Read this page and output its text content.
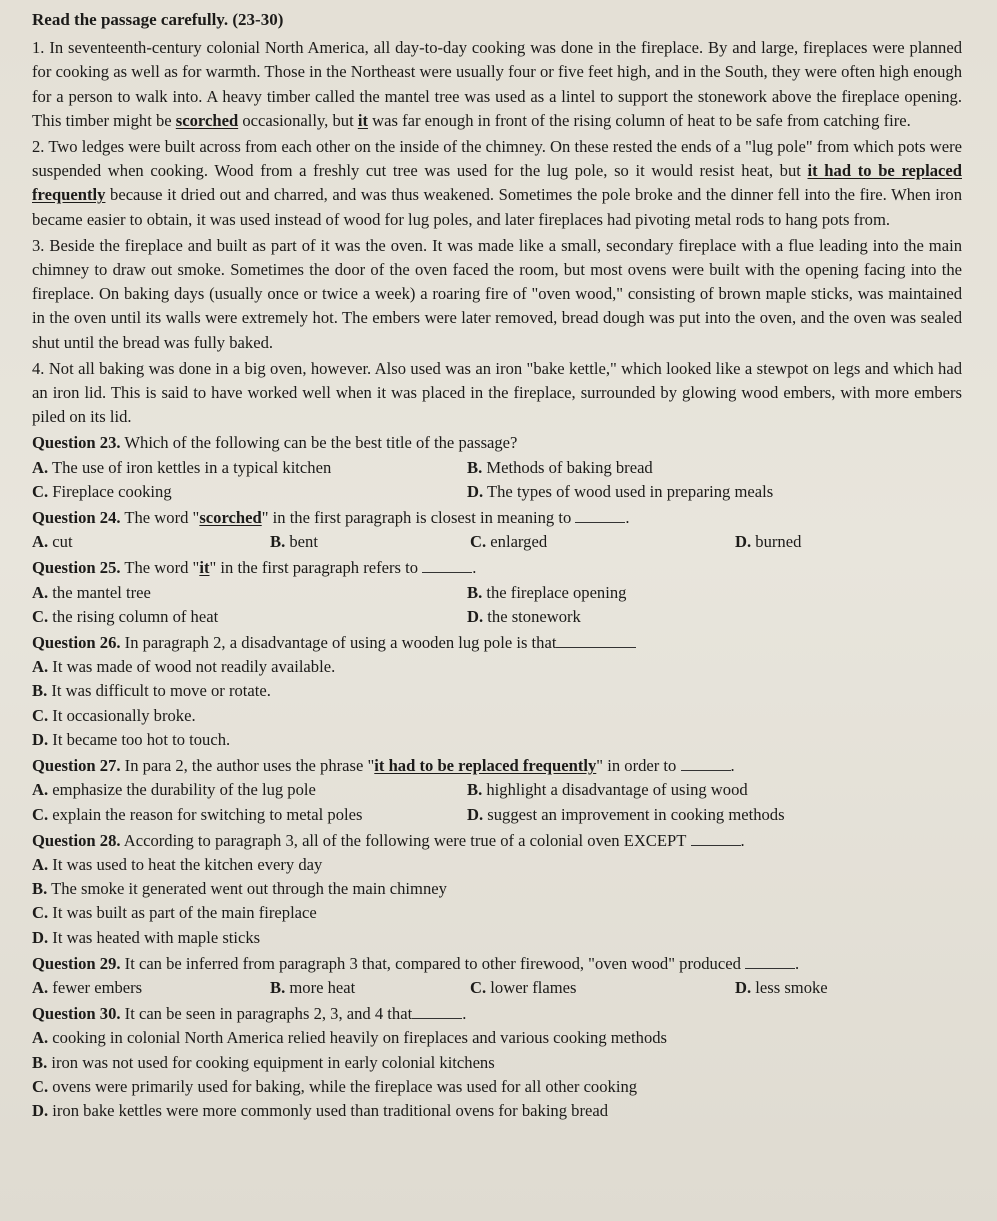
Read the passage carefully. (23-30)
1. In seventeenth-century colonial North America, all day-to-day cooking was done in the fireplace. By and large, fireplaces were planned for cooking as well as for warmth. Those in the Northeast were usually four or five feet high, and in the South, they were often high enough for a person to walk into. A heavy timber called the mantel tree was used as a lintel to support the stonework above the fireplace opening. This timber might be scorched occasionally, but it was far enough in front of the rising column of heat to be safe from catching fire.
2. Two ledges were built across from each other on the inside of the chimney. On these rested the ends of a "lug pole" from which pots were suspended when cooking. Wood from a freshly cut tree was used for the lug pole, so it would resist heat, but it had to be replaced frequently because it dried out and charred, and was thus weakened. Sometimes the pole broke and the dinner fell into the fire. When iron became easier to obtain, it was used instead of wood for lug poles, and later fireplaces had pivoting metal rods to hang pots from.
3. Beside the fireplace and built as part of it was the oven. It was made like a small, secondary fireplace with a flue leading into the main chimney to draw out smoke. Sometimes the door of the oven faced the room, but most ovens were built with the opening facing into the fireplace. On baking days (usually once or twice a week) a roaring fire of "oven wood," consisting of brown maple sticks, was maintained in the oven until its walls were extremely hot. The embers were later removed, bread dough was put into the oven, and the oven was sealed shut until the bread was fully baked.
4. Not all baking was done in a big oven, however. Also used was an iron "bake kettle," which looked like a stewpot on legs and which had an iron lid. This is said to have worked well when it was placed in the fireplace, surrounded by glowing wood embers, with more embers piled on its lid.
Question 23. Which of the following can be the best title of the passage?
A. The use of iron kettles in a typical kitchen	B. Methods of baking bread
C. Fireplace cooking	D. The types of wood used in preparing meals
Question 24. The word "scorched" in the first paragraph is closest in meaning to	.
A. cut	B. bent	C. enlarged	D. burned
Question 25. The word "it" in the first paragraph refers to	.
A. the mantel tree	B. the fireplace opening
C. the rising column of heat	D. the stonework
Question 26. In paragraph 2, a disadvantage of using a wooden lug pole is that
A. It was made of wood not readily available.
B. It was difficult to move or rotate.
C. It occasionally broke.
D. It became too hot to touch.
Question 27. In para 2, the author uses the phrase "it had to be replaced frequently" in order to	.
A. emphasize the durability of the lug pole	B. highlight a disadvantage of using wood
C. explain the reason for switching to metal poles	D. suggest an improvement in cooking methods
Question 28. According to paragraph 3, all of the following were true of a colonial oven EXCEPT	.
A. It was used to heat the kitchen every day
B. The smoke it generated went out through the main chimney
C. It was built as part of the main fireplace
D. It was heated with maple sticks
Question 29. It can be inferred from paragraph 3 that, compared to other firewood, "oven wood" produced	.
A. fewer embers	B. more heat	C. lower flames	D. less smoke
Question 30. It can be seen in paragraphs 2, 3, and 4 that	.
A. cooking in colonial North America relied heavily on fireplaces and various cooking methods
B. iron was not used for cooking equipment in early colonial kitchens
C. ovens were primarily used for baking, while the fireplace was used for all other cooking
D. iron bake kettles were more commonly used than traditional ovens for baking bread
